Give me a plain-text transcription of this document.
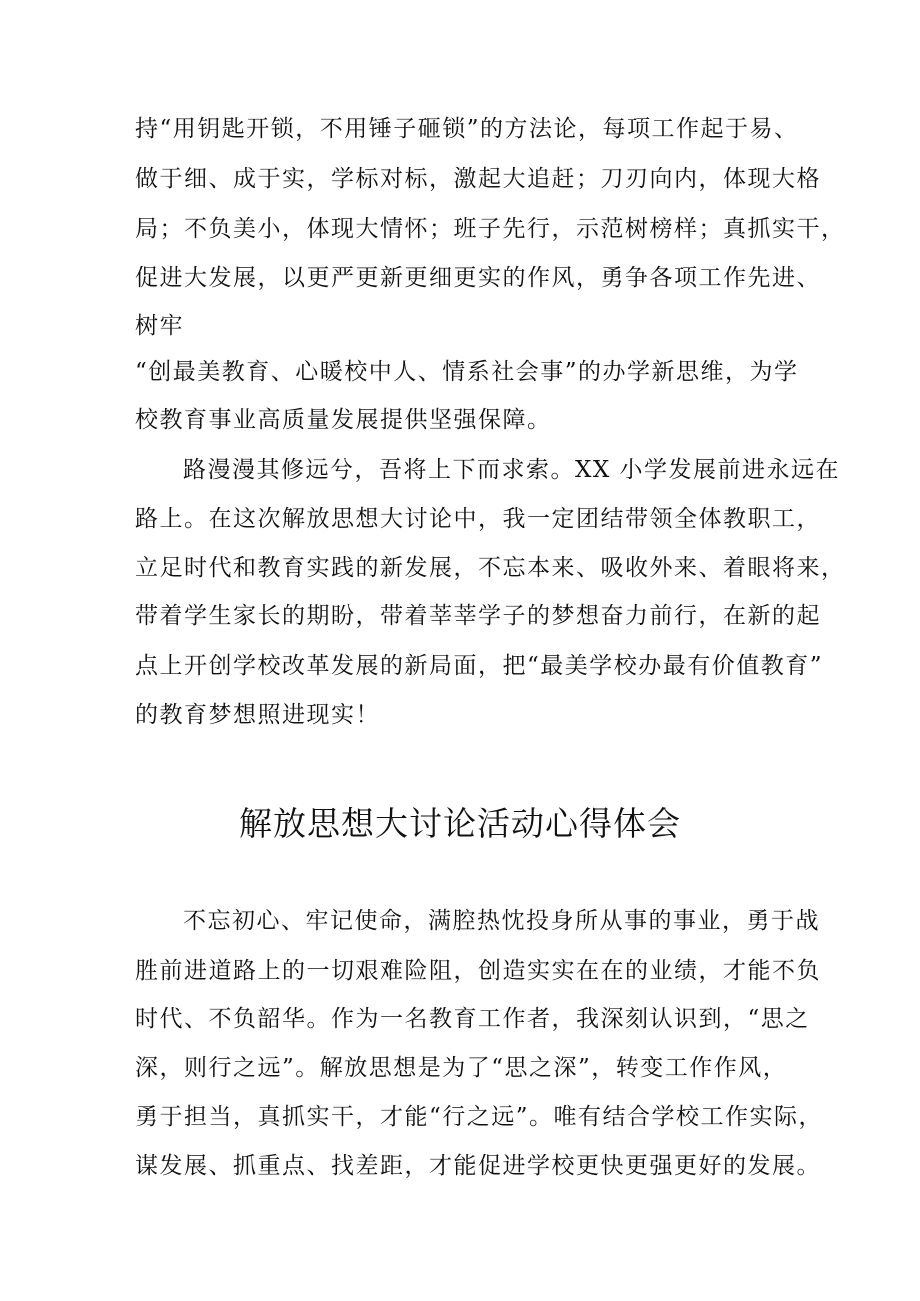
持“用钥匙开锁，不用锤子砸锁”的方法论，每项工作起于易、
做于细、成于实，学标对标，激起大追赶；刀刃向内，体现大格
局；不负美小，体现大情怀；班子先行，示范树榜样；真抓实干，
促进大发展，以更严更新更细更实的作风，勇争各项工作先进、
树牢
“创最美教育、心暖校中人、情系社会事”的办学新思维，为学
校教育事业高质量发展提供坚强保障。
路漫漫其修远兮，吾将上下而求索。XX 小学发展前进永远在
路上。在这次解放思想大讨论中，我一定团结带领全体教职工，
立足时代和教育实践的新发展，不忘本来、吸收外来、着眼将来，
带着学生家长的期盼，带着莘莘学子的梦想奋力前行，在新的起
点上开创学校改革发展的新局面，把“最美学校办最有价值教育”
的教育梦想照进现实！
解放思想大讨论活动心得体会
不忘初心、牢记使命，满腔热忱投身所从事的事业，勇于战
胜前进道路上的一切艰难险阻，创造实实在在的业绩，才能不负
时代、不负韶华。作为一名教育工作者，我深刻认识到，“思之
深，则行之远”。解放思想是为了“思之深”，转变工作作风，
勇于担当，真抓实干，才能“行之远”。唯有结合学校工作实际，
谋发展、抓重点、找差距，才能促进学校更快更强更好的发展。
